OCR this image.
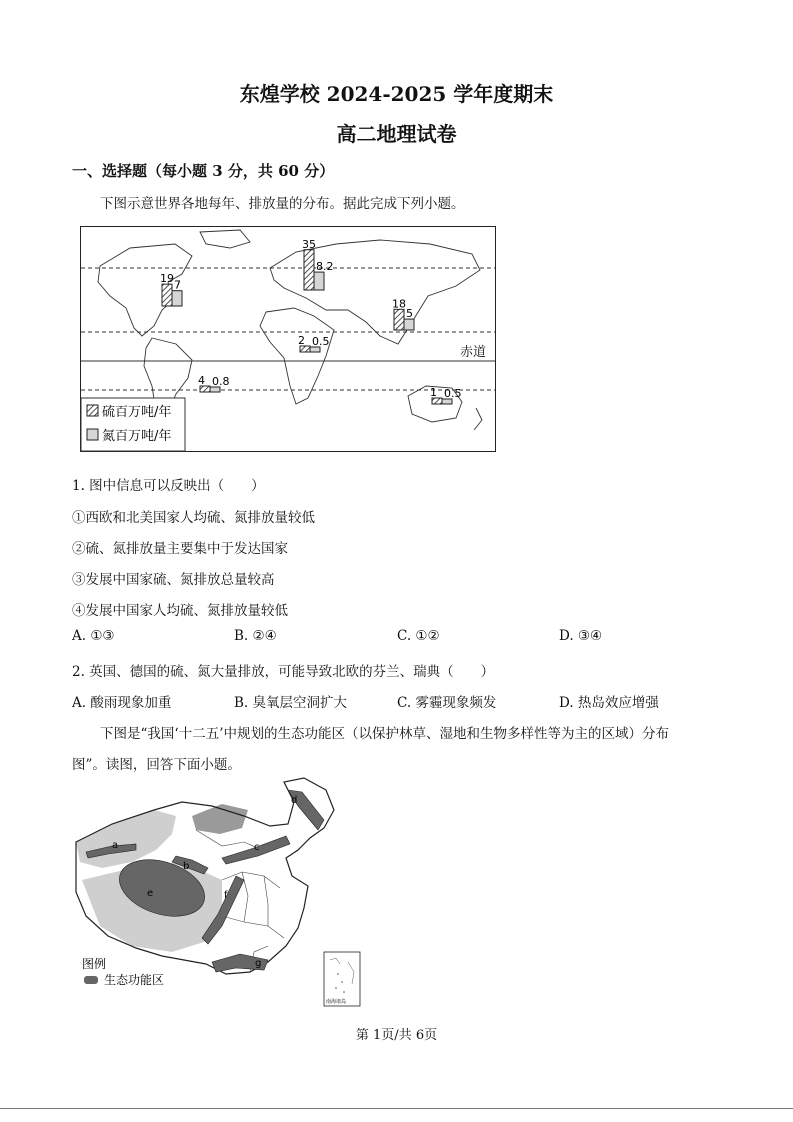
东煌学校 2024-2025 学年度期末
高二地理试卷
一、选择题（每小题 3 分，共 60 分）
下图示意世界各地每年、排放量的分布。据此完成下列小题。
19
7
35
8.2
18
5
2 0.5
4 0.8
1 0.5
赤道
硫百万吨/年
氮百万吨/年
1. 图中信息可以反映出（　　）
①西欧和北美国家人均硫、氮排放量较低
②硫、氮排放量主要集中于发达国家
③发展中国家硫、氮排放总量较高
④发展中国家人均硫、氮排放量较低
A. ①③	B. ②④	C. ①②	D. ③④
2. 英国、德国的硫、氮大量排放，可能导致北欧的芬兰、瑞典（　　）
A. 酸雨现象加重	B. 臭氧层空洞扩大	C. 雾霾现象频发	D. 热岛效应增强
下图是“我国‘十二五’中规划的生态功能区（以保护林草、湿地和生物多样性等为主的区域）分布
图”。读图，回答下面小题。
a
b
c
d
e	f
g
图例
生态功能区
南海诸岛
第 1页/共 6页
